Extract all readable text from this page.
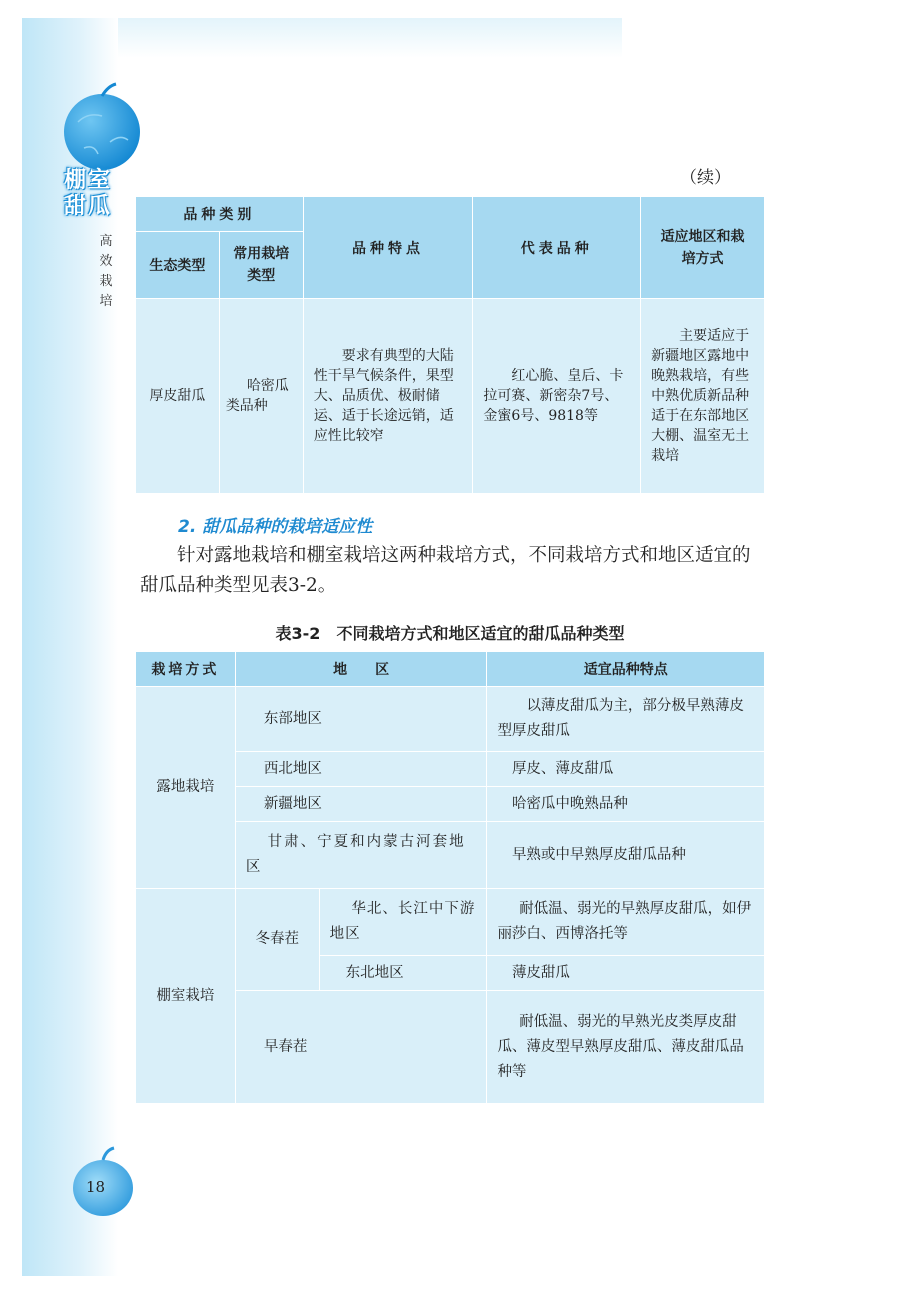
棚室
甜瓜
高效栽培
（续）
品种类别		品种特点	代表品种	适应地区和栽培方式
生态类型	常用栽培类型			
厚皮甜瓜	哈密瓜类品种	要求有典型的大陆性干旱气候条件，果型大、品质优、极耐储运、适于长途远销，适应性比较窄	红心脆、皇后、卡拉可赛、新密杂7号、金蜜6号、9818等	主要适应于新疆地区露地中晚熟栽培，有些中熟优质新品种适于在东部地区大棚、温室无土栽培
2. 甜瓜品种的栽培适应性
针对露地栽培和棚室栽培这两种栽培方式，不同栽培方式和地区适宜的甜瓜品种类型见表3-2。
表3-2　不同栽培方式和地区适宜的甜瓜品种类型
栽培方式	地　　区		适宜品种特点
露地栽培	东部地区		以薄皮甜瓜为主，部分极早熟薄皮型厚皮甜瓜
	西北地区		厚皮、薄皮甜瓜
	新疆地区		哈密瓜中晚熟品种
	甘肃、宁夏和内蒙古河套地区		早熟或中早熟厚皮甜瓜品种
棚室栽培	冬春茬	华北、长江中下游地区	耐低温、弱光的早熟厚皮甜瓜，如伊丽莎白、西博洛托等
		东北地区	薄皮甜瓜
	早春茬		耐低温、弱光的早熟光皮类厚皮甜瓜、薄皮型早熟厚皮甜瓜、薄皮甜瓜品种等
18
